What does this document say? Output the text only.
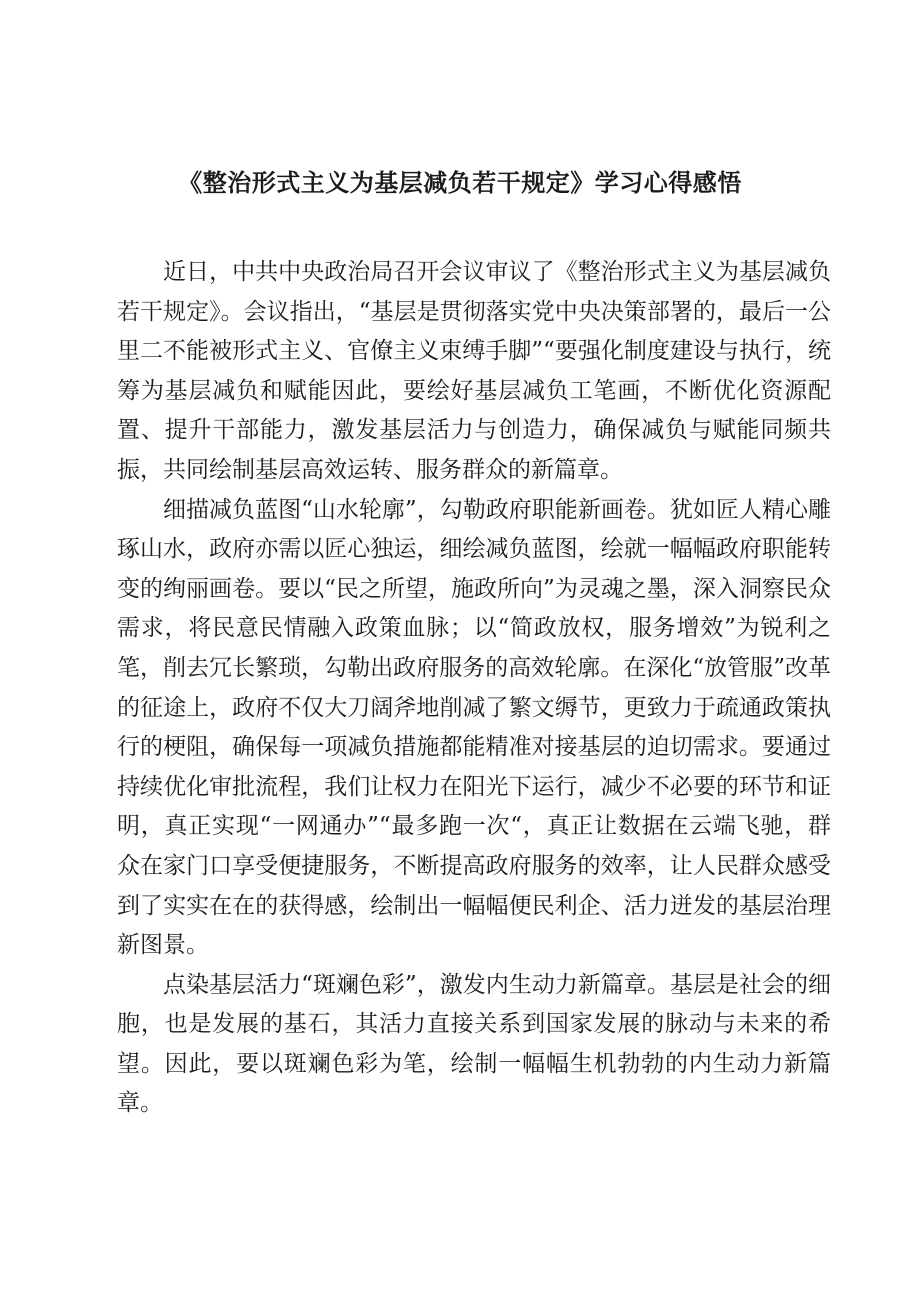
《整治形式主义为基层减负若干规定》学习心得感悟

近日，中共中央政治局召开会议审议了《整治形式主义为基层减负若干规定》。会议指出，“基层是贯彻落实党中央决策部署的，最后一公里二不能被形式主义、官僚主义束缚手脚”“要强化制度建设与执行，统筹为基层减负和赋能因此，要绘好基层减负工笔画，不断优化资源配置、提升干部能力，激发基层活力与创造力，确保减负与赋能同频共振，共同绘制基层高效运转、服务群众的新篇章。

细描减负蓝图“山水轮廓”，勾勒政府职能新画卷。犹如匠人精心雕琢山水，政府亦需以匠心独运，细绘减负蓝图，绘就一幅幅政府职能转变的绚丽画卷。要以“民之所望，施政所向”为灵魂之墨，深入洞察民众需求，将民意民情融入政策血脉；以“简政放权，服务增效”为锐利之笔，削去冗长繁琐，勾勒出政府服务的高效轮廓。在深化“放管服”改革的征途上，政府不仅大刀阔斧地削减了繁文缛节，更致力于疏通政策执行的梗阻，确保每一项减负措施都能精准对接基层的迫切需求。要通过持续优化审批流程，我们让权力在阳光下运行，减少不必要的环节和证明，真正实现“一网通办”“最多跑一次“，真正让数据在云端飞驰，群众在家门口享受便捷服务，不断提高政府服务的效率，让人民群众感受到了实实在在的获得感，绘制出一幅幅便民利企、活力迸发的基层治理新图景。

点染基层活力“斑斓色彩”，激发内生动力新篇章。基层是社会的细胞，也是发展的基石，其活力直接关系到国家发展的脉动与未来的希望。因此，要以斑斓色彩为笔，绘制一幅幅生机勃勃的内生动力新篇章。
